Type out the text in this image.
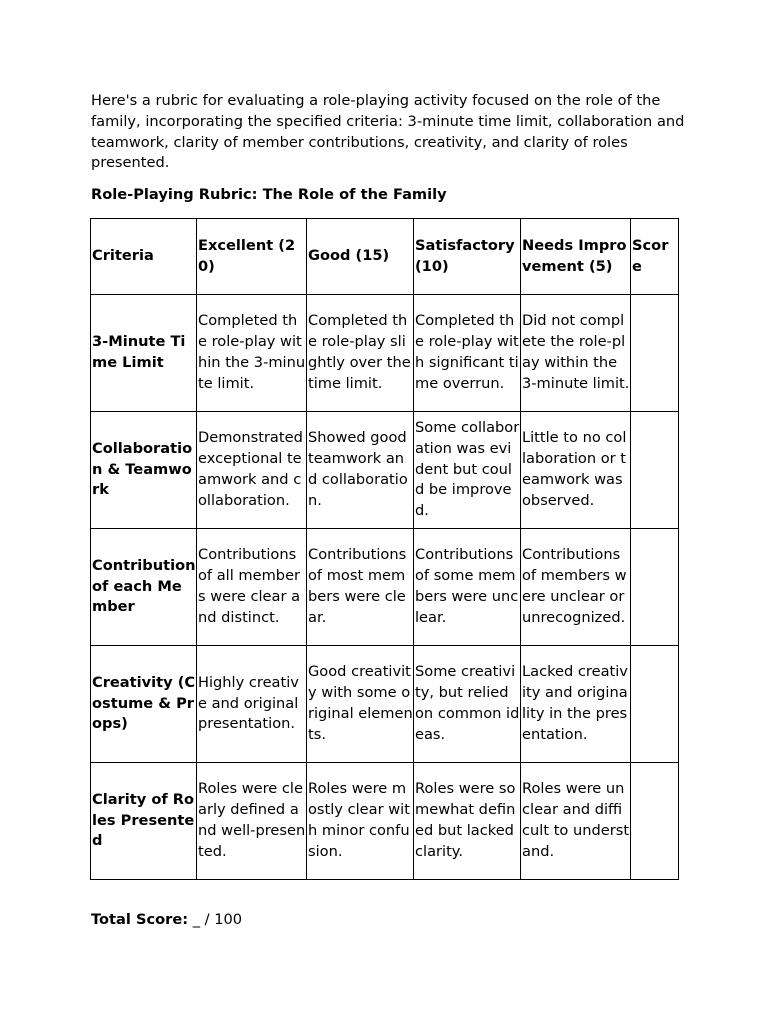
Here's a rubric for evaluating a role-playing activity focused on the role of the family, incorporating the specified criteria: 3-minute time limit, collaboration and teamwork, clarity of member contributions, creativity, and clarity of roles presented.

Role-Playing Rubric: The Role of the Family

Criteria	Excellent (20)	Good (15)	Satisfactory (10)	Needs Improvement (5)	Score
3-Minute Time Limit	Completed the role-play within the 3-minute limit.	Completed the role-play slightly over the time limit.	Completed the role-play with significant time overrun.	Did not complete the role-play within the 3-minute limit.	
Collaboration & Teamwork	Demonstrated exceptional teamwork and collaboration.	Showed good teamwork and collaboration.	Some collaboration was evident but could be improved.	Little to no collaboration or teamwork was observed.	
Contribution of each Member	Contributions of all members were clear and distinct.	Contributions of most members were clear.	Contributions of some members were unclear.	Contributions of members were unclear or unrecognized.	
Creativity (Costume & Props)	Highly creative and original presentation.	Good creativity with some original elements.	Some creativity, but relied on common ideas.	Lacked creativity and originality in the presentation.	
Clarity of Roles Presented	Roles were clearly defined and well-presented.	Roles were mostly clear with minor confusion.	Roles were somewhat defined but lacked clarity.	Roles were unclear and difficult to understand.	

Total Score: _ / 100
